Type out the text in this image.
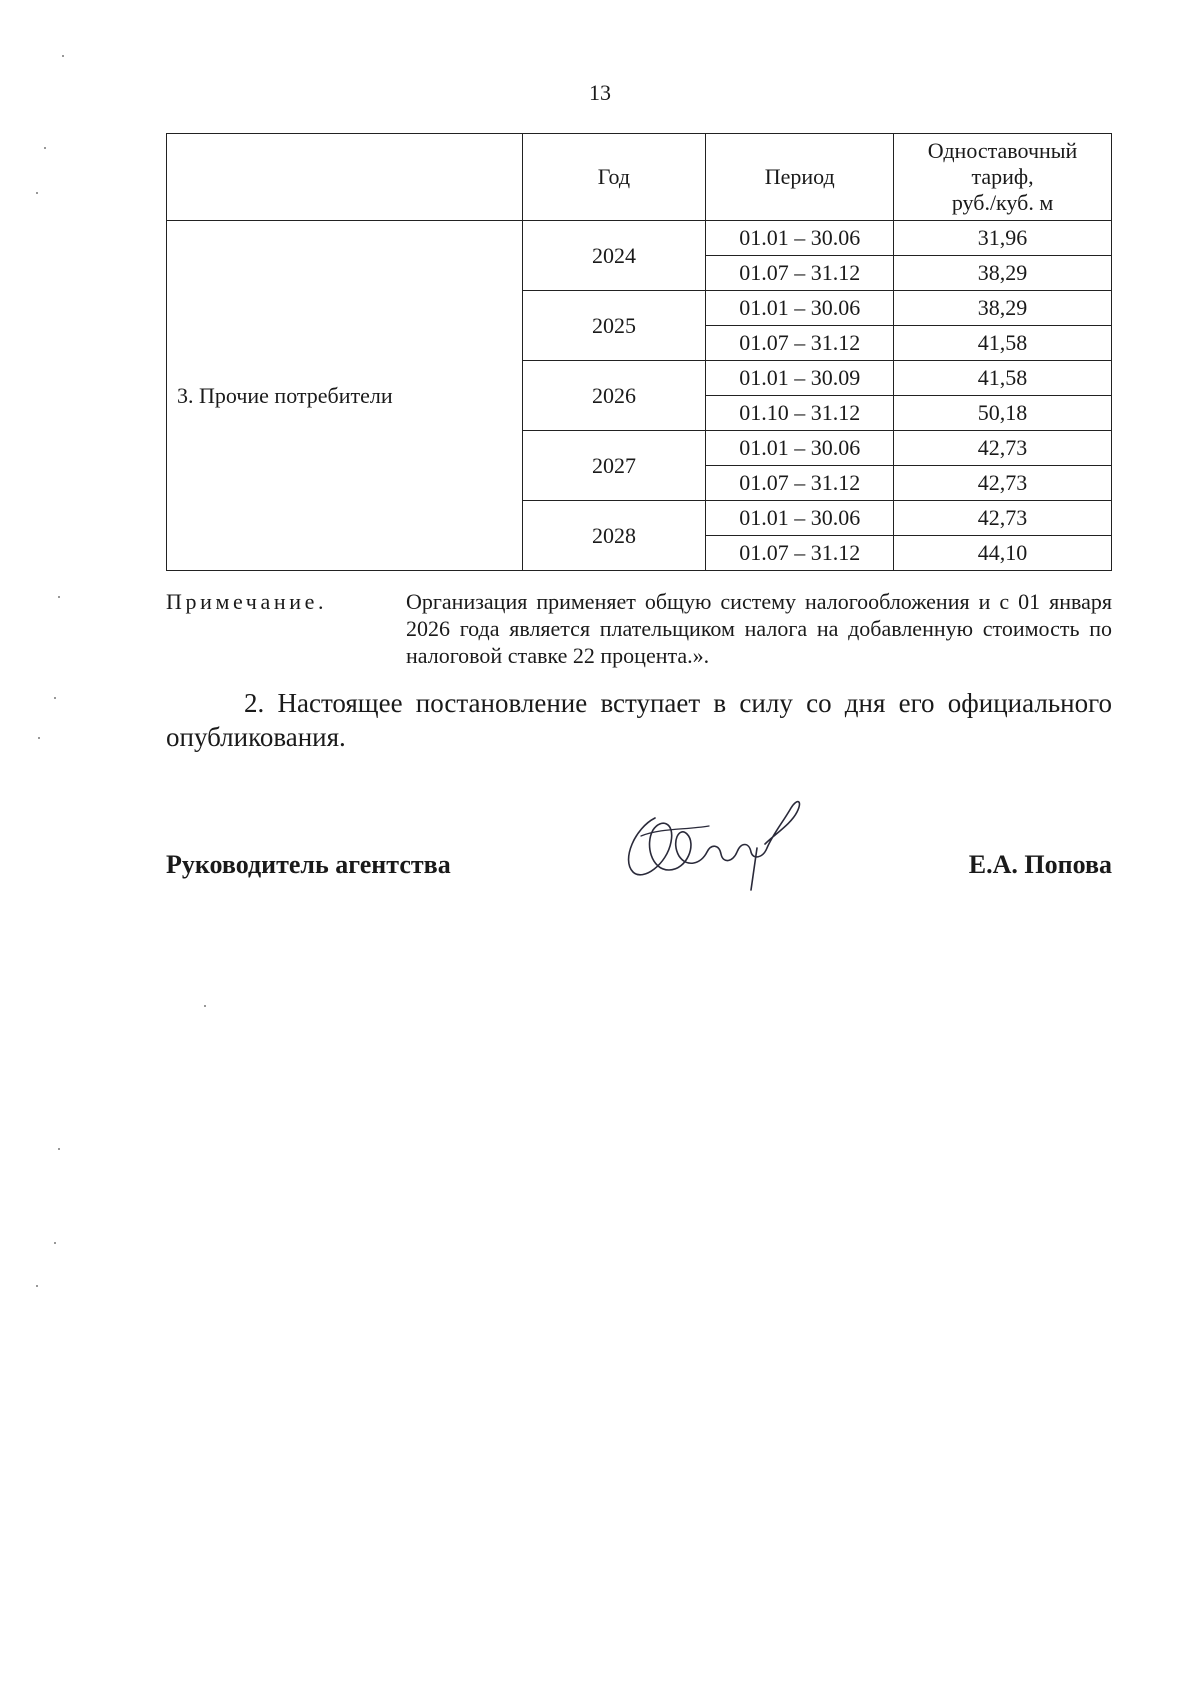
13
	Год	Период	Одноставочный
тариф,
руб./куб. м

3. Прочие потребители	2024	01.01 – 30.06	31,96
		01.07 – 31.12	38,29
	2025	01.01 – 30.06	38,29
		01.07 – 31.12	41,58
	2026	01.01 – 30.09	41,58
		01.10 – 31.12	50,18
	2027	01.01 – 30.06	42,73
		01.07 – 31.12	42,73
	2028	01.01 – 30.06	42,73
		01.07 – 31.12	44,10
Примечание.	Организация применяет общую систему налогообложения и с 01 января 2026 года является плательщиком налога на добавленную стоимость по налоговой ставке 22 процента.».
2. Настоящее постановление вступает в силу со дня его официального опубликования.
Руководитель агентства	Е.А. Попова
